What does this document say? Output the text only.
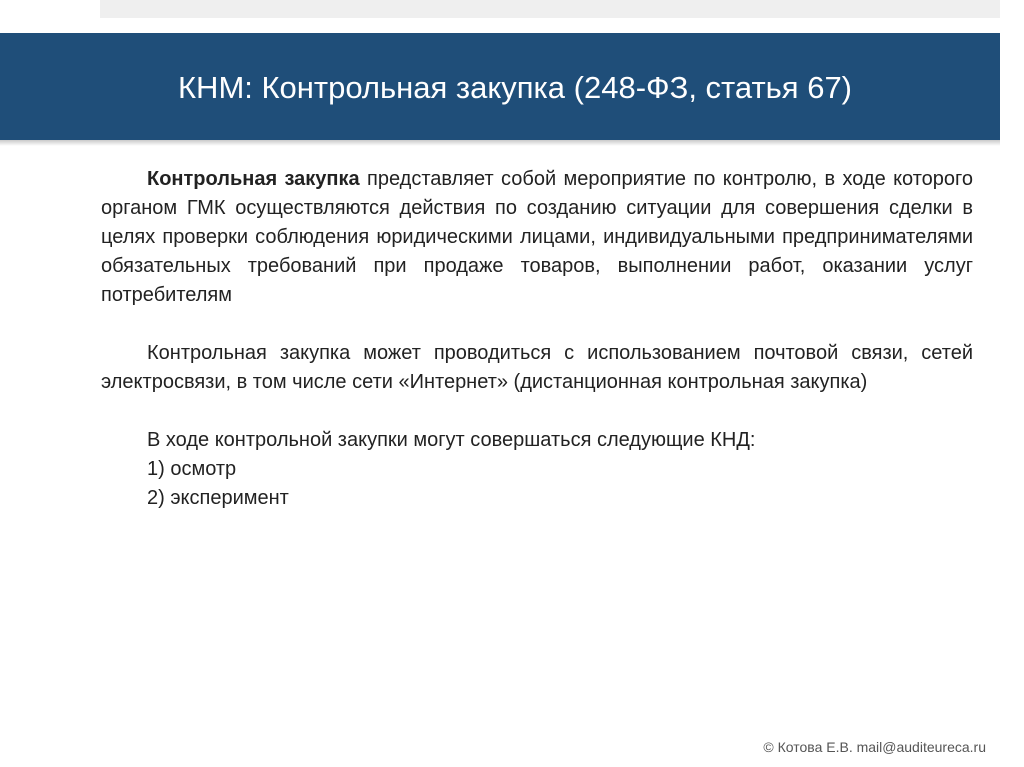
КНМ: Контрольная закупка (248-ФЗ, статья 67)

Контрольная закупка представляет собой мероприятие по контролю, в ходе которого органом ГМК осуществляются действия по созданию ситуации для совершения сделки в целях проверки соблюдения юридическими лицами, индивидуальными предпринимателями обязательных требований при продаже товаров, выполнении работ, оказании услуг потребителям

Контрольная закупка может проводиться с использованием почтовой связи, сетей электросвязи, в том числе сети «Интернет» (дистанционная контрольная закупка)

В ходе контрольной закупки могут совершаться следующие КНД:
1) осмотр
2) эксперимент
© Котова Е.В. mail@auditeureca.ru
